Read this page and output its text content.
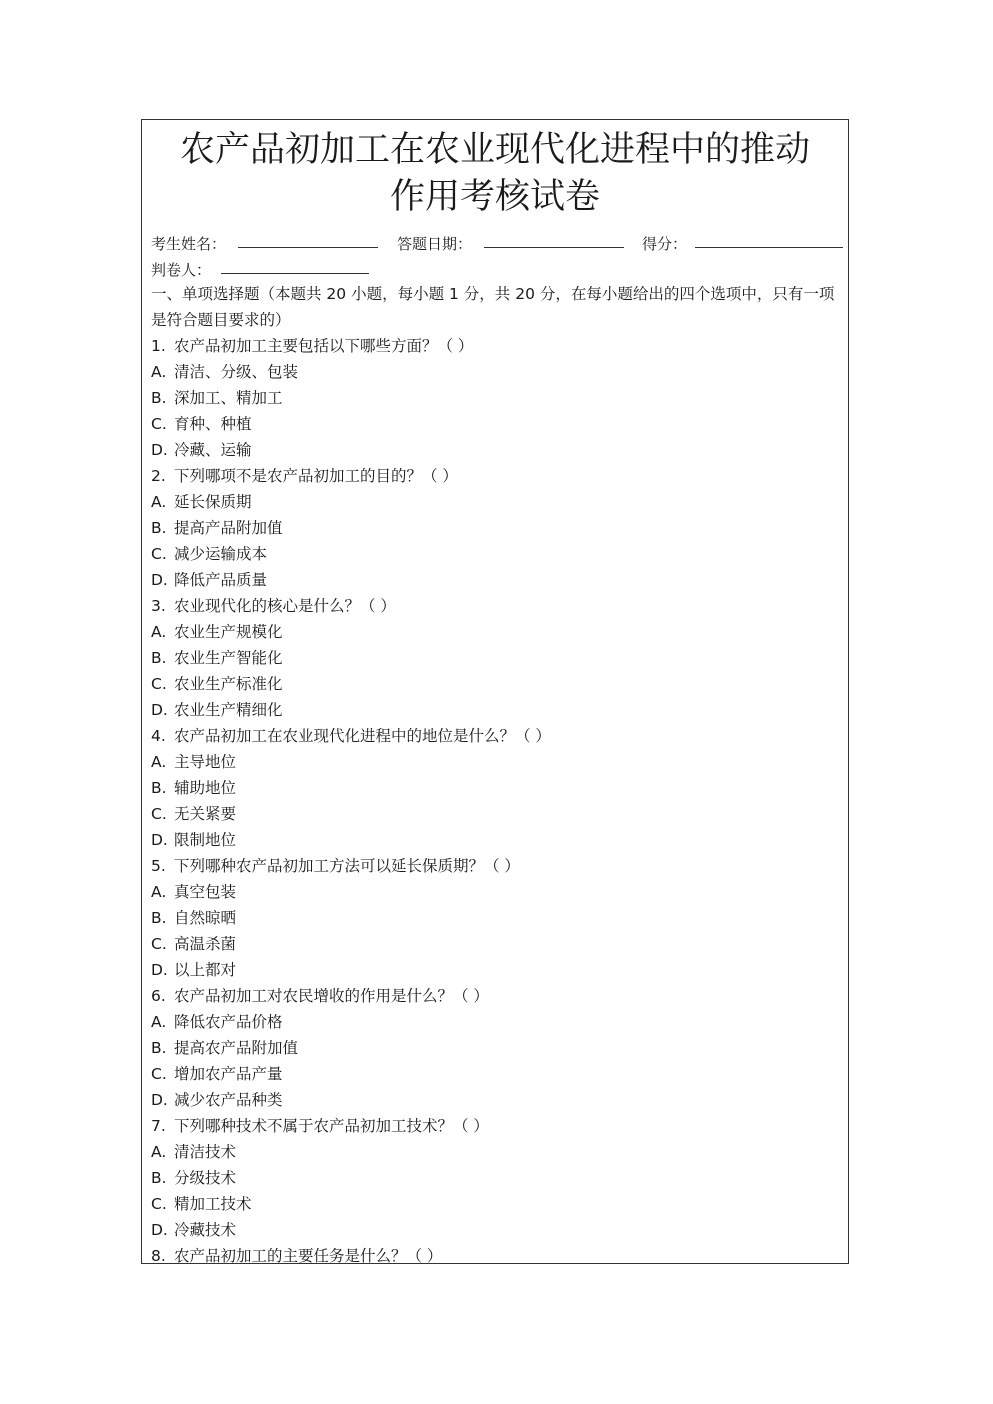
农产品初加工在农业现代化进程中的推动
作用考核试卷
考生姓名：	答题日期：	得分：
判卷人：
一、单项选择题（本题共 20 小题，每小题 1 分，共 20 分，在每小题给出的四个选项中，只有一项是符合题目要求的）
1. 农产品初加工主要包括以下哪些方面？（ ）
A. 清洁、分级、包装
B. 深加工、精加工
C. 育种、种植
D. 冷藏、运输
2. 下列哪项不是农产品初加工的目的？（ ）
A. 延长保质期
B. 提高产品附加值
C. 减少运输成本
D. 降低产品质量
3. 农业现代化的核心是什么？（ ）
A. 农业生产规模化
B. 农业生产智能化
C. 农业生产标准化
D. 农业生产精细化
4. 农产品初加工在农业现代化进程中的地位是什么？（ ）
A. 主导地位
B. 辅助地位
C. 无关紧要
D. 限制地位
5. 下列哪种农产品初加工方法可以延长保质期？（ ）
A. 真空包装
B. 自然晾晒
C. 高温杀菌
D. 以上都对
6. 农产品初加工对农民增收的作用是什么？（ ）
A. 降低农产品价格
B. 提高农产品附加值
C. 增加农产品产量
D. 减少农产品种类
7. 下列哪种技术不属于农产品初加工技术？（ ）
A. 清洁技术
B. 分级技术
C. 精加工技术
D. 冷藏技术
8. 农产品初加工的主要任务是什么？（ ）
